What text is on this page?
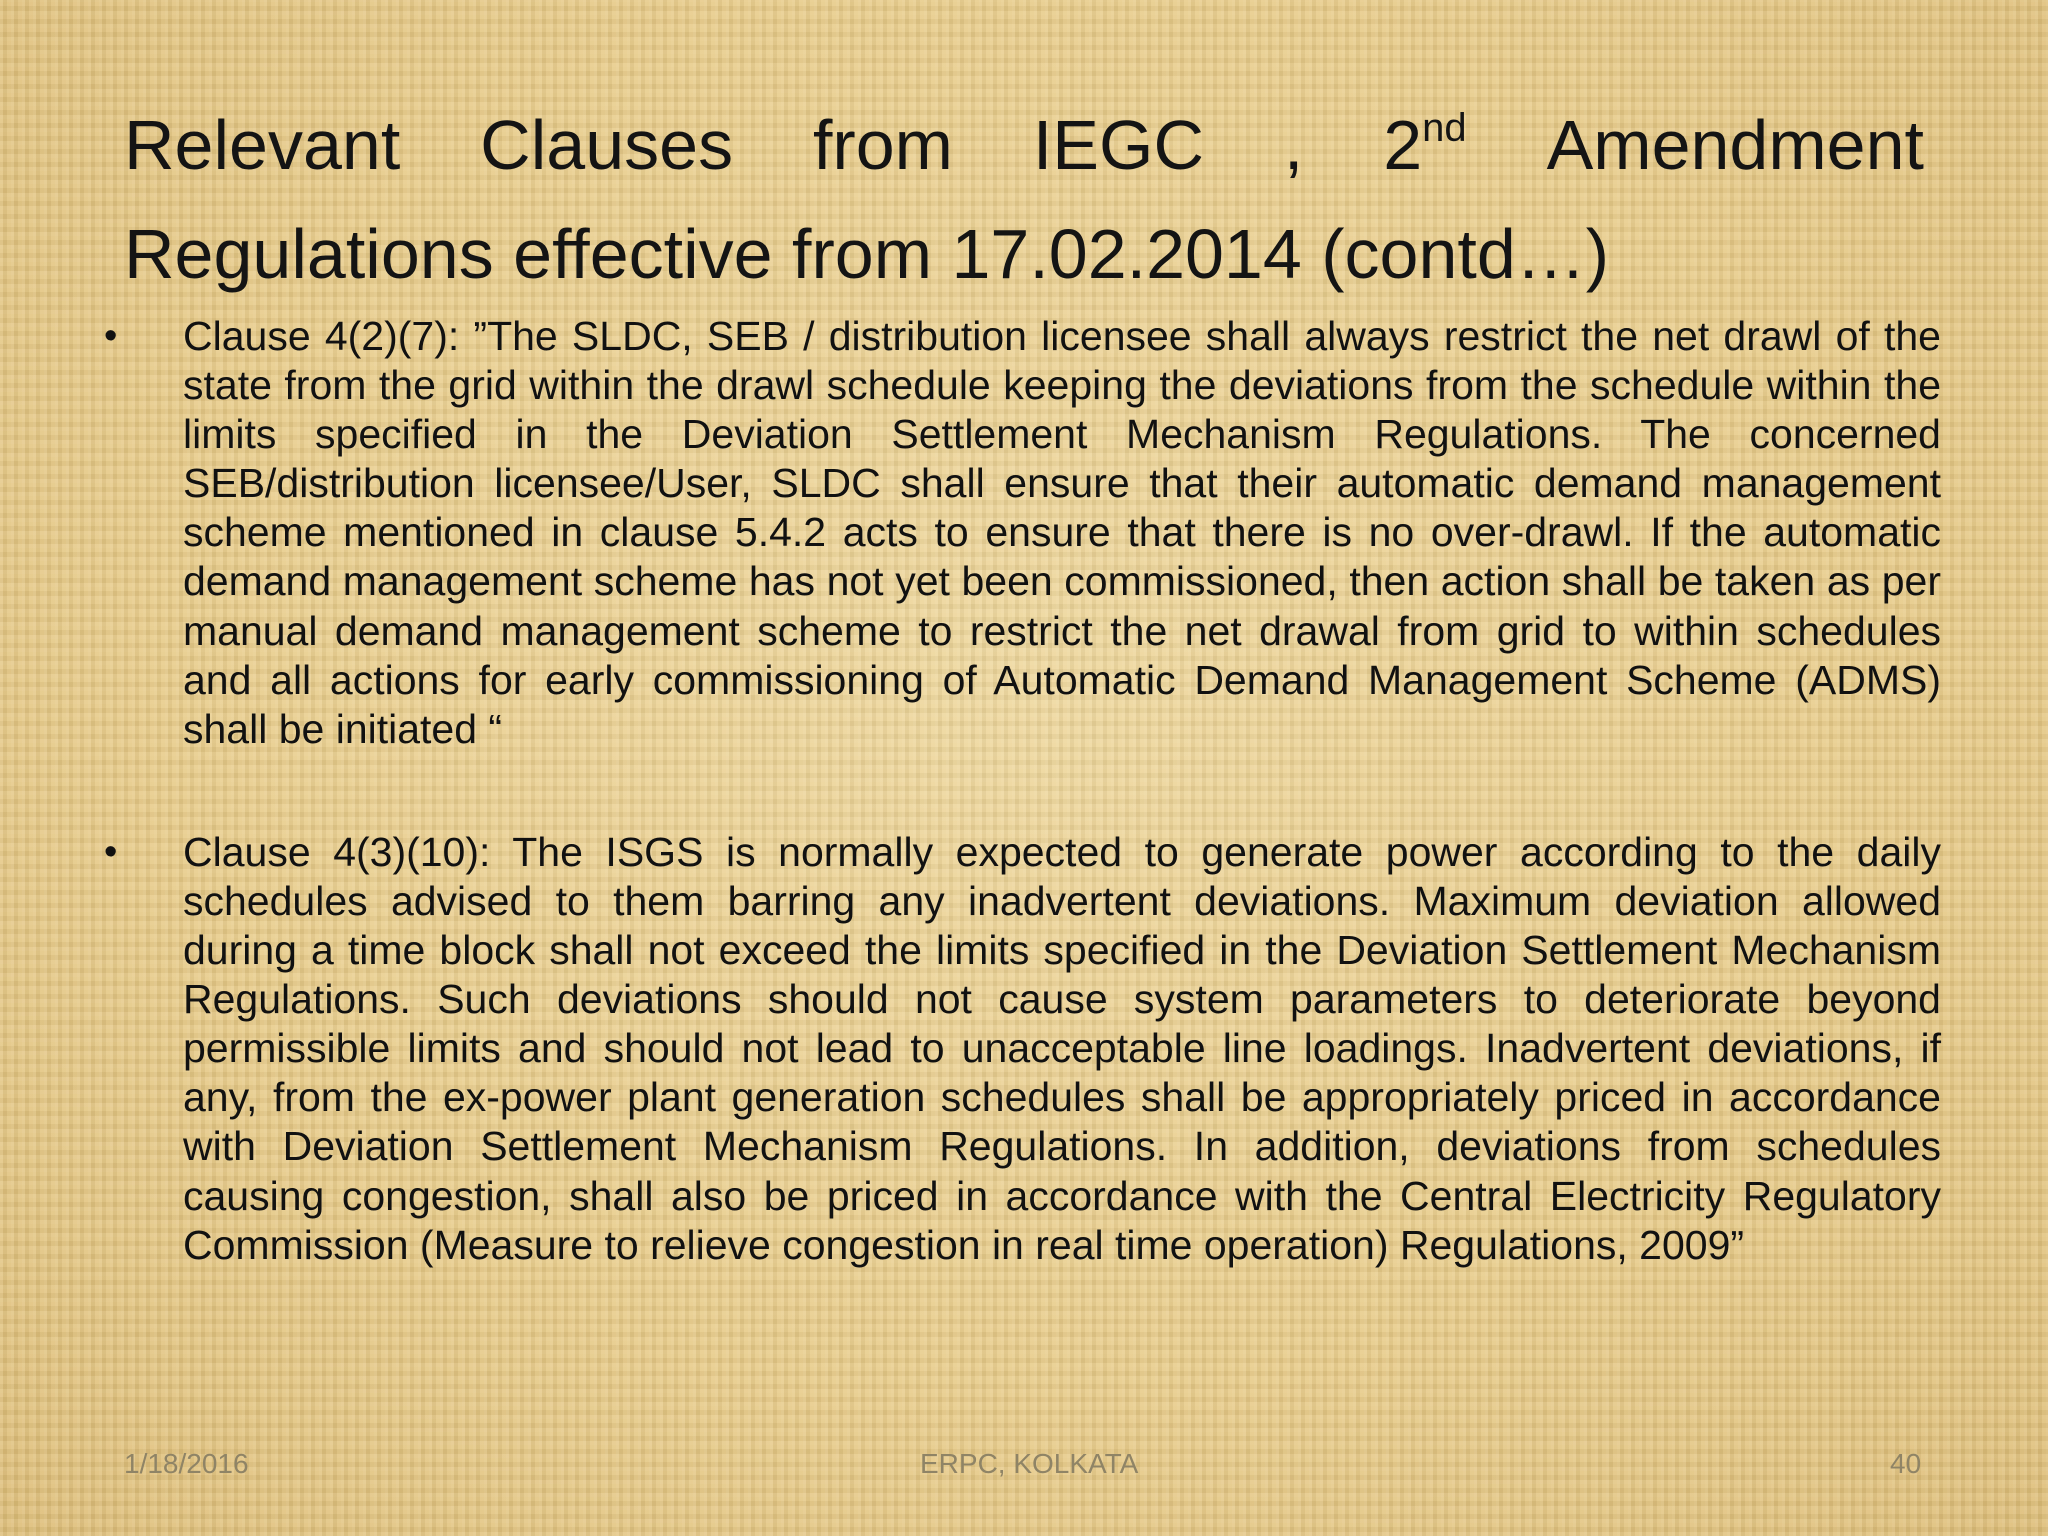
Relevant Clauses from IEGC , 2nd Amendment
Regulations effective from 17.02.2014 (contd…)
• Clause 4(2)(7): ”The SLDC, SEB / distribution licensee shall always restrict the net drawl of the state from the grid within the drawl schedule keeping the deviations from the schedule within the limits specified in the Deviation Settlement Mechanism Regulations. The concerned SEB/distribution licensee/User, SLDC shall ensure that their automatic demand management scheme mentioned in clause 5.4.2 acts to ensure that there is no over-drawl. If the automatic demand management scheme has not yet been commissioned, then action shall be taken as per manual demand management scheme to restrict the net drawal from grid to within schedules and all actions for early commissioning of Automatic Demand Management Scheme (ADMS) shall be initiated “
• Clause 4(3)(10): The ISGS is normally expected to generate power according to the daily schedules advised to them barring any inadvertent deviations. Maximum deviation allowed during a time block shall not exceed the limits specified in the Deviation Settlement Mechanism Regulations. Such deviations should not cause system parameters to deteriorate beyond permissible limits and should not lead to unacceptable line loadings. Inadvertent deviations, if any, from the ex-power plant generation schedules shall be appropriately priced in accordance with Deviation Settlement Mechanism Regulations. In addition, deviations from schedules causing congestion, shall also be priced in accordance with the Central Electricity Regulatory Commission (Measure to relieve congestion in real time operation) Regulations, 2009”
1/18/2016	ERPC, KOLKATA	40
